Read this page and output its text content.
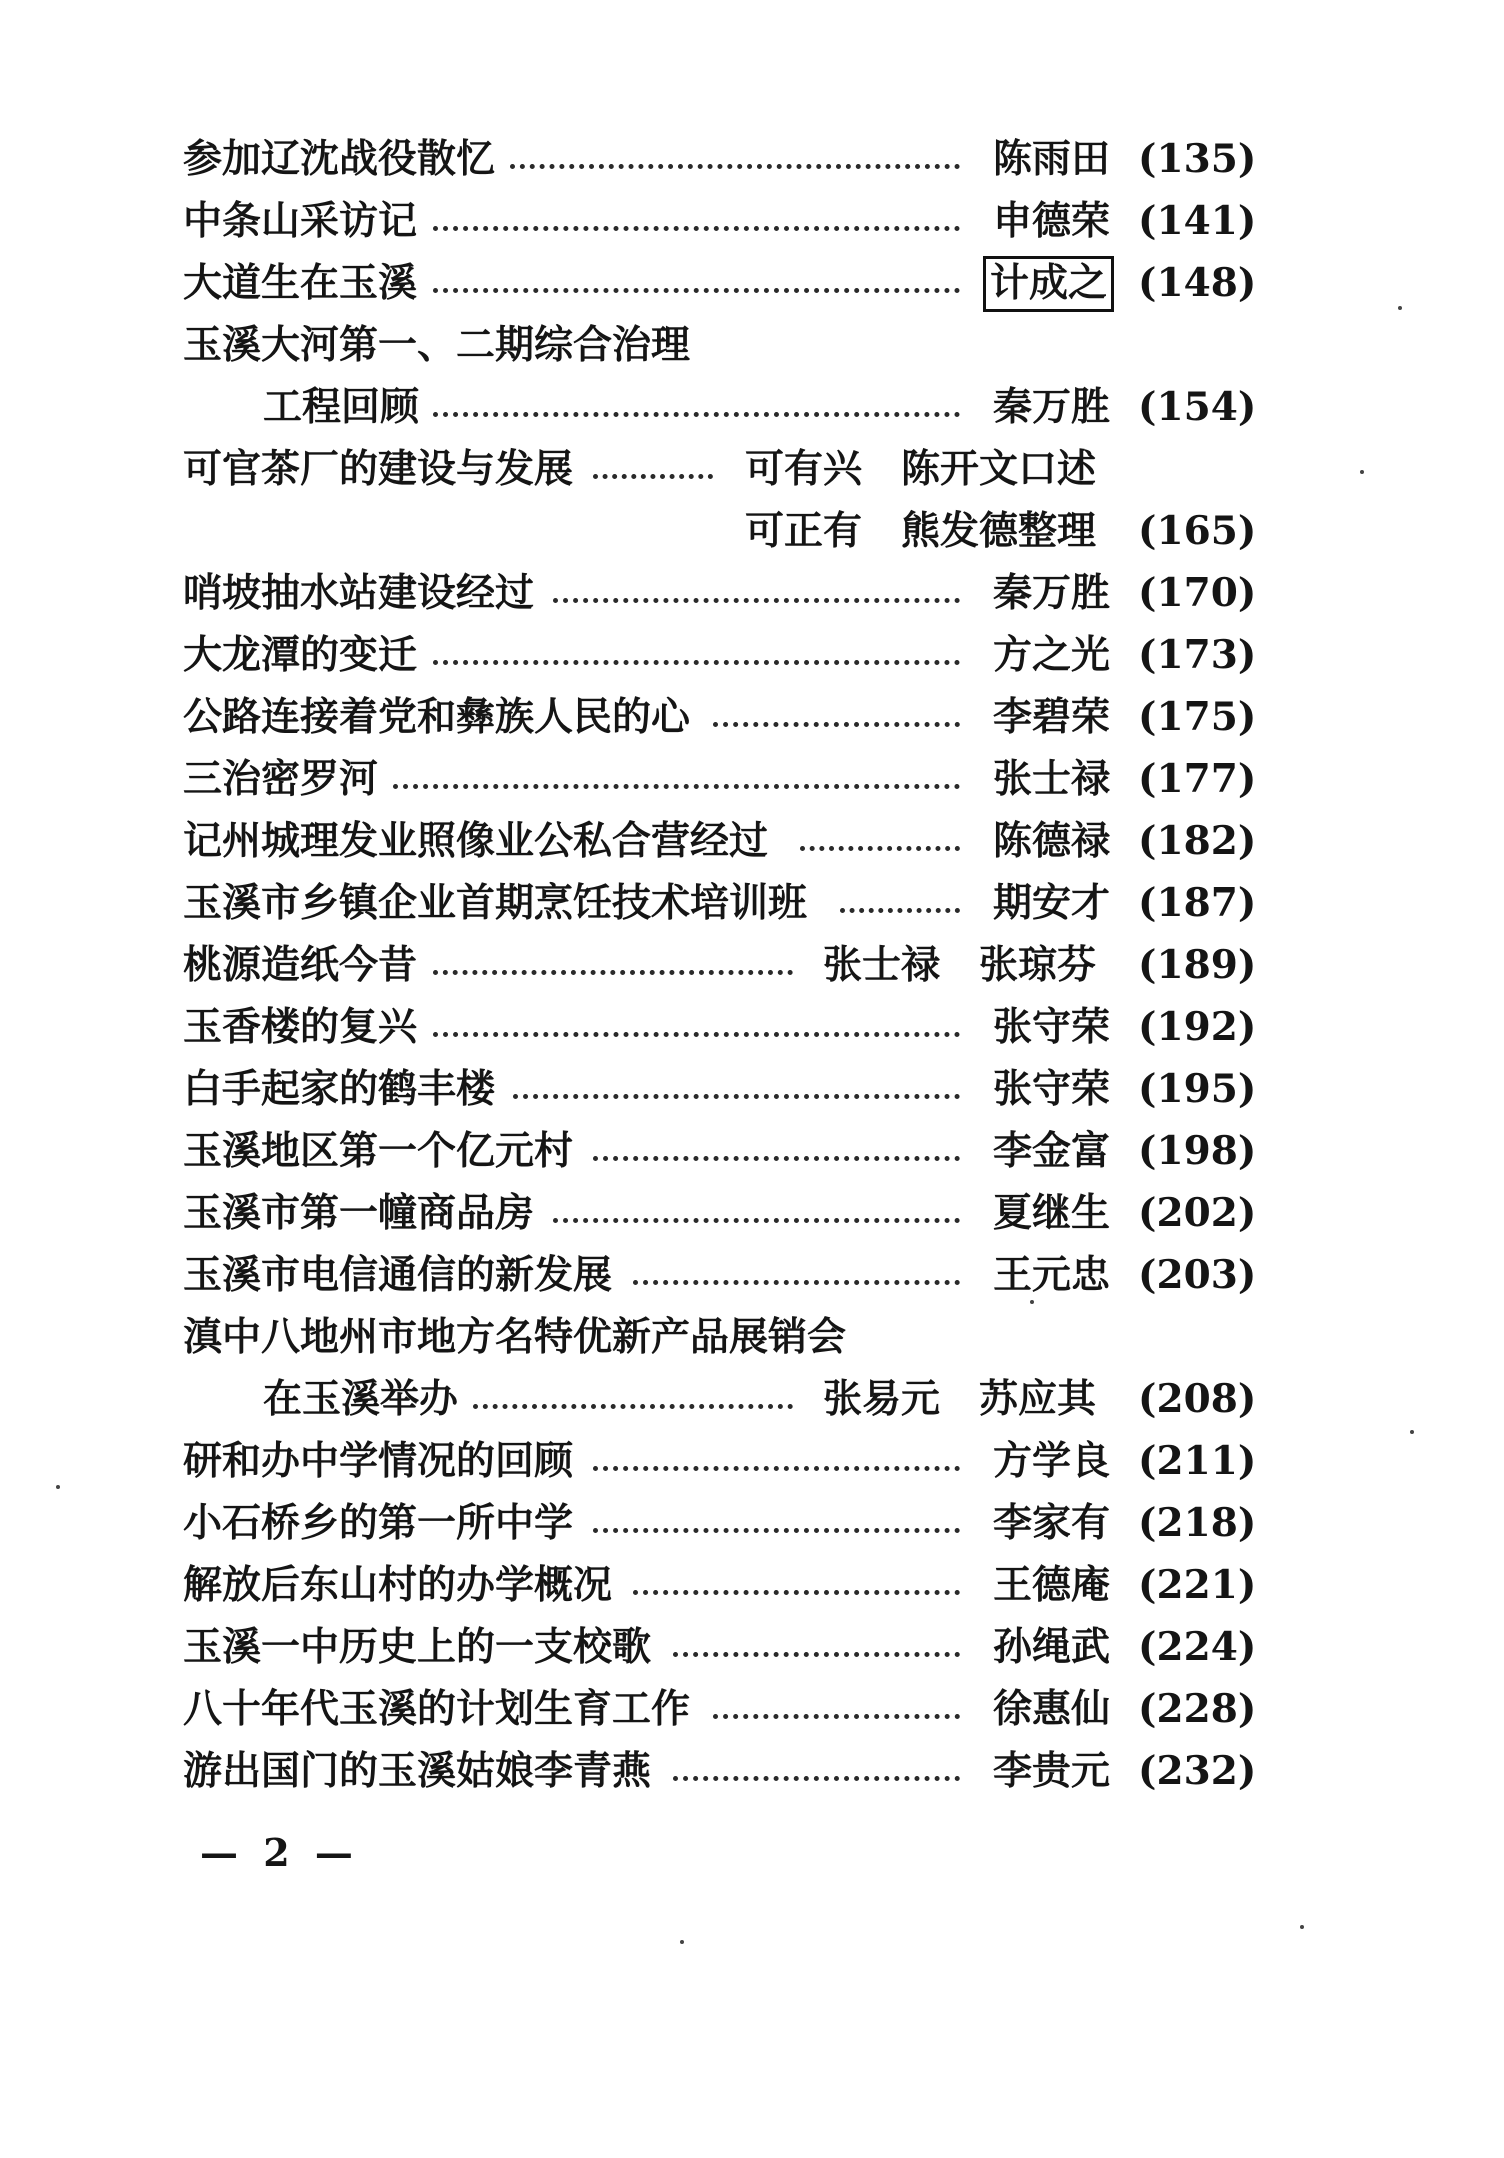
参加辽沈战役散忆	陈雨田 (135)
中条山采访记	申德荣 (141)
大道生在玉溪	计成之 (148)
玉溪大河第一、二期综合治理
工程回顾	秦万胜 (154)
可官茶厂的建设与发展	可有兴　陈开文口述
可正有　熊发德整理 (165)
哨坡抽水站建设经过	秦万胜 (170)
大龙潭的变迁	方之光 (173)
公路连接着党和彝族人民的心	李碧荣 (175)
三治密罗河	张士禄 (177)
记州城理发业照像业公私合营经过	陈德禄 (182)
玉溪市乡镇企业首期烹饪技术培训班	期安才 (187)
桃源造纸今昔	张士禄　张琼芬 (189)
玉香楼的复兴	张守荣 (192)
白手起家的鹤丰楼	张守荣 (195)
玉溪地区第一个亿元村	李金富 (198)
玉溪市第一幢商品房	夏继生 (202)
玉溪市电信通信的新发展	王元忠 (203)
滇中八地州市地方名特优新产品展销会
在玉溪举办	张易元　苏应其 (208)
研和办中学情况的回顾	方学良 (211)
小石桥乡的第一所中学	李家有 (218)
解放后东山村的办学概况	王德庵 (221)
玉溪一中历史上的一支校歌	孙绳武 (224)
八十年代玉溪的计划生育工作	徐惠仙 (228)
游出国门的玉溪姑娘李青燕	李贵元 (232)
— 2 —
